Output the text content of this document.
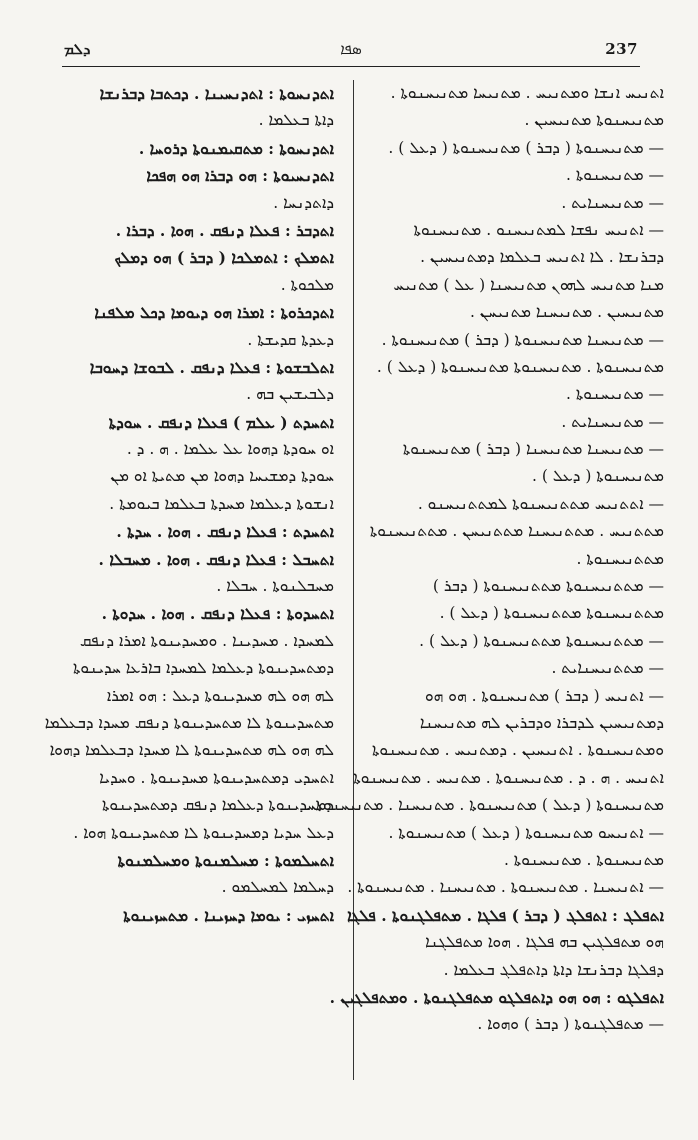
ܕܠܡ	ܣܦܐ	237
ܐܬܕܢܚܘܬܐ : ܐܬܕܢܚܝܢܐ . ܕܟܬܒܐ ܕܒܪܢܫܐ
ܕܐܬܐ ܒܥܠܡܐ .
ܐܬܕܢܚܘܬܐ : ܡܬܩܝܡܢܘܬܐ ܕܪܘܚܐ .
ܐܬܕܢܚܝܘܬܐ : ܗܘ ܕܒܪܐ ܗܘ ܗܦܟܐ
ܕܐܬܕܢܚܐ .
ܐܬܕܒܪ : ܦܥܠܐ ܕܢܦܩ . ܗܘܐ . ܕܒܪܐ .
ܐܬܡܠܟ : ܐܬܡܠܟܐ ( ܕܒܪ ) ܗܘ ܕܡܠܟ
ܡܠܟܘܬܐ .
ܐܬܕܟܪܘܬܐ : ܐܡܪܐ ܗܘ ܕܝܘܡܐ ܕܟܠ ܡܠܦܢܐ
ܕܥܕܬܐ ܩܕܝܫܬܐ .
ܐܬܠܒܫܘܬܐ : ܦܥܠܐ ܕܢܦܩ . ܠܒܘܫܐ ܕܚܘܒܐ
ܕܠܒܝܫܝܢ ܒܗ .
ܐܬܚܕܬ ( ܥܠܡ ) ܦܥܠܐ ܕܢܦܩ . ܚܘܕܬܐ
ܐܘ ܚܘܕܬܐ ܕܗܘܐ ܥܠ ܥܠܡܐ . ܗ . ܕ .
ܚܘܕܬܐ ܕܡܫܝܚܐ ܕܗܘܐ ܡܢ ܡܬܝܬܐ ܐܘ ܡܢ
ܐܢܫܘܬܐ ܕܥܠܡܐ ܡܚܕܬܐ ܒܥܠܡܐ ܒܝܘܡܬܐ .
ܐܬܚܕܬ : ܦܥܠܐ ܕܢܦܩ . ܗܘܐ . ܚܕܬܐ .
ܐܬܚܒܠ : ܦܥܠܐ ܕܢܦܩ . ܗܘܐ . ܡܚܒܠܐ .
ܡܚܒܠܢܘܬܐ . ܚܒܠܐ .
ܐܬܚܕܘܬܐ : ܦܥܠܐ ܕܢܦܩ . ܗܘܐ . ܚܕܘܬܐ .
ܠܡܚܕܐ . ܡܚܕܝܢܐ . ܘܡܚܕܝܢܘܬܐ ܐܡܪܐ ܕܢܦܩ
ܕܡܬܚܕܝܢܘܬܐ ܕܥܠܡܐ ܠܡܚܕܐ ܒܐܪܥܐ ܚܕܝܢܘܬܐ
ܠܗ ܗܘ ܠܗ ܡܚܕܝܢܘܬܐ ܕܥܠ : ܗܘ ܐܡܪܐ
ܡܬܚܕܝܢܘܬܐ ܠܐ ܡܬܚܕܝܢܘܬܐ ܕܢܦܩ ܡܚܕܐ ܕܒܥܠܡܐ
ܠܗ ܗܘ ܠܗ ܡܬܚܕܝܢܘܬܐ ܠܐ ܡܚܕܐ ܕܒܥܠܡܐ ܕܗܘܐ
ܐܬܚܕܝ ܕܡܬܚܕܝܢܘܬܐ ܡܚܕܝܢܘܬܐ . ܘܚܕܝܐ
ܕܡܚܕܝܢܘܬܐ ܕܥܠܡܐ ܕܢܦܩ ܕܡܬܚܕܝܢܘܬܐ
ܕܥܠ ܚܕܝܐ ܕܡܚܕܝܢܘܬܐ ܠܐ ܡܬܚܕܝܢܘܬܐ ܗܘܐ .
ܐܬܚܠܡܘܬܐ : ܡܚܠܡܢܘܬܐ ܘܡܚܠܡܢܘܬܐ
ܕܚܠܡܐ ܠܡܚܠܡܘ .
ܐܬܚܙܝ : ܝܘܡܐ ܕܚܙܝܢܐ . ܡܬܚܙܝܢܘܬܐ
ܐܬܢܝܚ ܐܢܫܐ ܘܡܬܢܝܚ . ܡܬܢܝܚܐ ܡܬܢܝܚܢܘܬܐ .
ܡܬܢܝܚܢܘܬܐ ܡܬܢܝܚܝܢ .
— ܡܬܢܝܚܢܘܬܐ ( ܕܒܪ ) ܡܬܢܝܚܢܘܬܐ ( ܕܥܠ ) .
— ܡܬܢܝܚܢܘܬܐ .
— ܡܬܢܝܚܢܐܝܬ .
— ܐܬܢܝܚ ܢܦܫܐ ܠܡܬܢܝܚܢܘ . ܡܬܢܝܚܢܘܬܐ
ܕܒܪܢܫܐ . ܠܐ ܐܬܢܝܚ ܒܥܠܡܐ ܕܡܬܢܝܚܝܢ .
ܡܢܐ ܡܬܢܝܚ ܠܗܘܢ ܡܬܢܝܚܢܐ ( ܥܠ ) ܡܬܢܝܚ
ܡܬܢܝܚܝܢ . ܡܬܢܝܚܢܐ ܡܬܢܝܚܢ .
— ܡܬܢܝܚܢܐ ܡܬܢܝܚܢܘܬܐ ( ܕܒܪ ) ܡܬܢܝܚܢܘܬܐ .
ܡܬܢܝܚܢܘܬܐ . ܡܬܢܝܚܢܘܬܐ ܡܬܢܝܚܢܘܬܐ ( ܕܥܠ ) .
— ܡܬܢܝܚܢܘܬܐ .
— ܡܬܢܝܚܢܐܝܬ .
— ܡܬܢܝܚܢܐ ܡܬܢܝܚܢܐ ( ܕܒܪ ) ܡܬܢܝܚܢܘܬܐ
ܡܬܢܝܚܢܘܬܐ ( ܕܥܠ ) .
— ܐܬܬܢܝܚ ܡܬܬܢܝܚܢܘܬܐ ܠܡܬܬܢܝܚܢܘ .
ܡܬܬܢܝܚ . ܡܬܬܢܝܚܢܐ ܡܬܬܢܝܚܢ . ܡܬܬܢܝܚܢܘܬܐ
ܡܬܬܢܝܚܢܘܬܐ .
— ܡܬܬܢܝܚܢܘܬܐ ܡܬܬܢܝܚܢܘܬܐ ( ܕܒܪ )
ܡܬܬܢܝܚܢܘܬܐ ܡܬܬܢܝܚܢܘܬܐ ( ܕܥܠ ) .
— ܡܬܬܢܝܚܢܘܬܐ ܡܬܬܢܝܚܢܘܬܐ ( ܕܥܠ ) .
— ܡܬܬܢܝܚܢܐܝܬ .
— ܐܬܢܝܚ ( ܕܒܪ ) ܡܬܢܝܚܢܘܬܐ . ܗܘ ܗܘ
ܕܡܬܢܝܚܝܢ ܠܕܒܪܐ ܘܕܒܪܝܢ ܠܗ ܡܬܢܝܚܢܐ
ܘܡܬܢܝܚܢܘܬܐ . ܐܬܢܝܚܝܢ . ܕܡܬܢܝܚ . ܡܬܢܝܚܢܘܬܐ
ܐܬܢܝܚ . ܗ . ܕ . ܡܬܢܝܚܢܘܬܐ . ܡܬܢܝܚ . ܡܬܢܝܚܢܘܬܐ
ܡܬܢܝܚܢܘܬܐ ( ܕܥܠ ) ܡܬܢܝܚܢܘܬܐ . ܡܬܢܝܚܢܐ . ܡܬܢܝܚܢܘܬܐ .
— ܐܬܢܝܚܘ ܡܬܢܝܚܢܘܬܐ ( ܕܥܠ ) ܡܬܢܝܚܢܘܬܐ .
ܡܬܢܝܚܢܘܬܐ . ܡܬܢܝܚܢܘܬܐ .
— ܐܬܢܝܚܢܐ . ܡܬܢܝܚܢܘܬܐ . ܡܬܢܝܚܢܐ . ܡܬܢܝܚܢܘܬܐ .
ܐܬܦܠܓ : ܐܬܦܠܓ ( ܕܒܪ ) ܦܠܓܐ . ܡܬܦܠܓܢܘܬܐ . ܦܠܓܐ
ܗܘ ܡܬܦܠܓܝܢ ܒܗ ܦܠܓܐ . ܗܘܐ ܡܬܦܠܓܢܐ
ܕܦܠܓܐ ܕܒܪܢܫܐ ܕܐܬܐ ܕܐܬܦܠܓ ܒܥܠܡܐ .
ܐܬܦܠܓܘ : ܗܘ ܗܘ ܕܐܬܦܠܓܘ ܡܬܦܠܓܢܘܬܐ . ܘܡܬܦܠܓܝܢ .
— ܡܬܦܠܓܢܘܬܐ ( ܕܒܪ ) ܘܗܘܐ .
